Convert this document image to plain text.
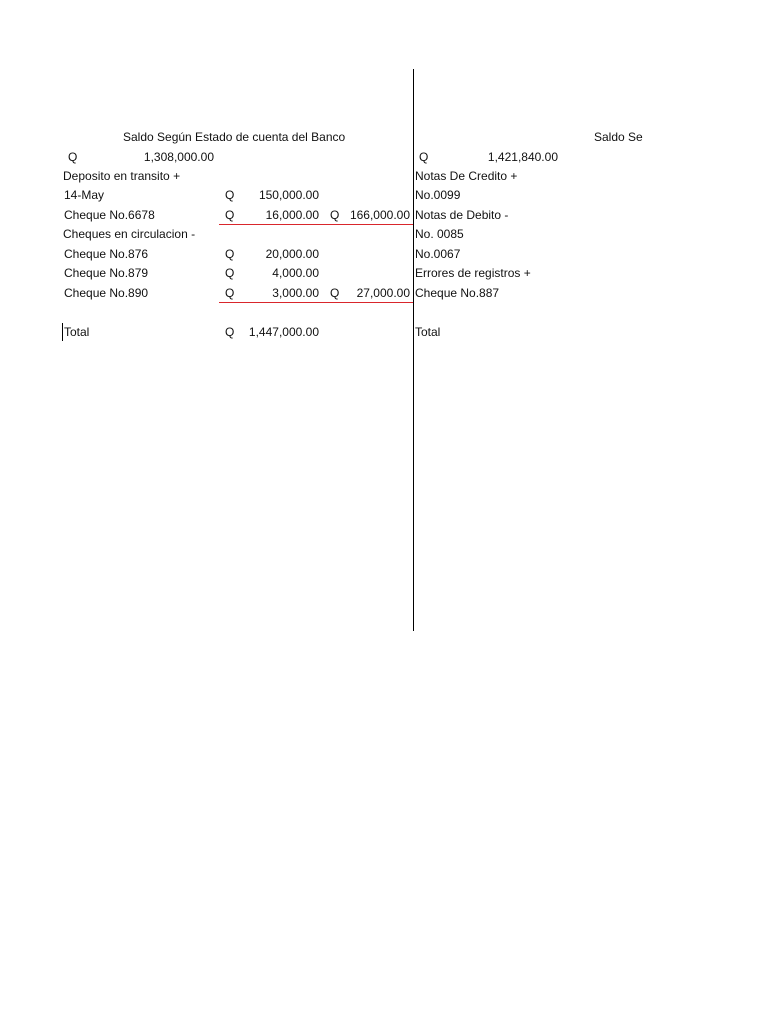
Saldo Según Estado de cuenta del Banco
Q	1,308,000.00
Deposito en transito +
14-May	Q	150,000.00
Cheque No.6678	Q	16,000.00 Q 166,000.00
Cheques en circulacion -
Cheque No.876	Q	20,000.00
Cheque No.879	Q	4,000.00
Cheque No.890	Q	3,000.00 Q	27,000.00
Total	Q	1,447,000.00
Saldo Se
Q	1,421,840.00
Notas De Credito +
No.0099
Notas de Debito -
No. 0085
No.0067
Errores de registros +
Cheque No.887
Total
